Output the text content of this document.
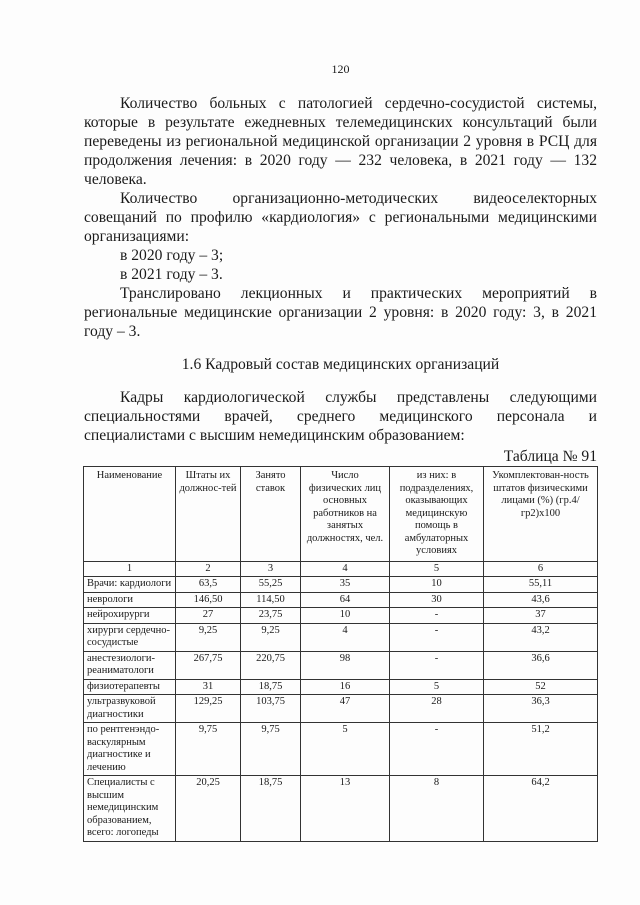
120

Количество больных с патологией сердечно-сосудистой системы, которые в результате ежедневных телемедицинских консультаций были переведены из региональной медицинской организации 2 уровня в РСЦ для продолжения лечения: в 2020 году — 232 человека, в 2021 году — 132 человека.

Количество организационно-методических видеоселекторных совещаний по профилю «кардиология» с региональными медицинскими организациями:

в 2020 году – 3;

в 2021 году – 3.

Транслировано лекционных и практических мероприятий в региональные медицинские организации 2 уровня: в 2020 году: 3, в 2021 году – 3.

1.6 Кадровый состав медицинских организаций

Кадры кардиологической службы представлены следующими специальностями врачей, среднего медицинского персонала и специалистами с высшим немедицинским образованием:

Таблица № 91
Наименование	Штаты их должнос-тей	Занято ставок	Число физических лиц основных работников на занятых должностях, чел.	из них: в подразделениях, оказывающих медицинскую помощь в амбулаторных условиях	Укомплектован-ность штатов физическими лицами (%) (гр.4/гр2)х100
1	2	3	4	5	6
Врачи: кардиологи	63,5	55,25	35	10	55,11
неврологи	146,50	114,50	64	30	43,6
нейрохирурги	27	23,75	10	-	37
хирурги сердечно-сосудистые	9,25	9,25	4	-	43,2
анестезиологи-реаниматологи	267,75	220,75	98	-	36,6
физиотерапевты	31	18,75	16	5	52
ультразвуковой диагностики	129,25	103,75	47	28	36,3
по рентгенэндо-васкулярным диагностике и лечению	9,75	9,75	5	-	51,2
Специалисты с высшим немедицинским образованием, всего: логопеды	20,25	18,75	13	8	64,2
